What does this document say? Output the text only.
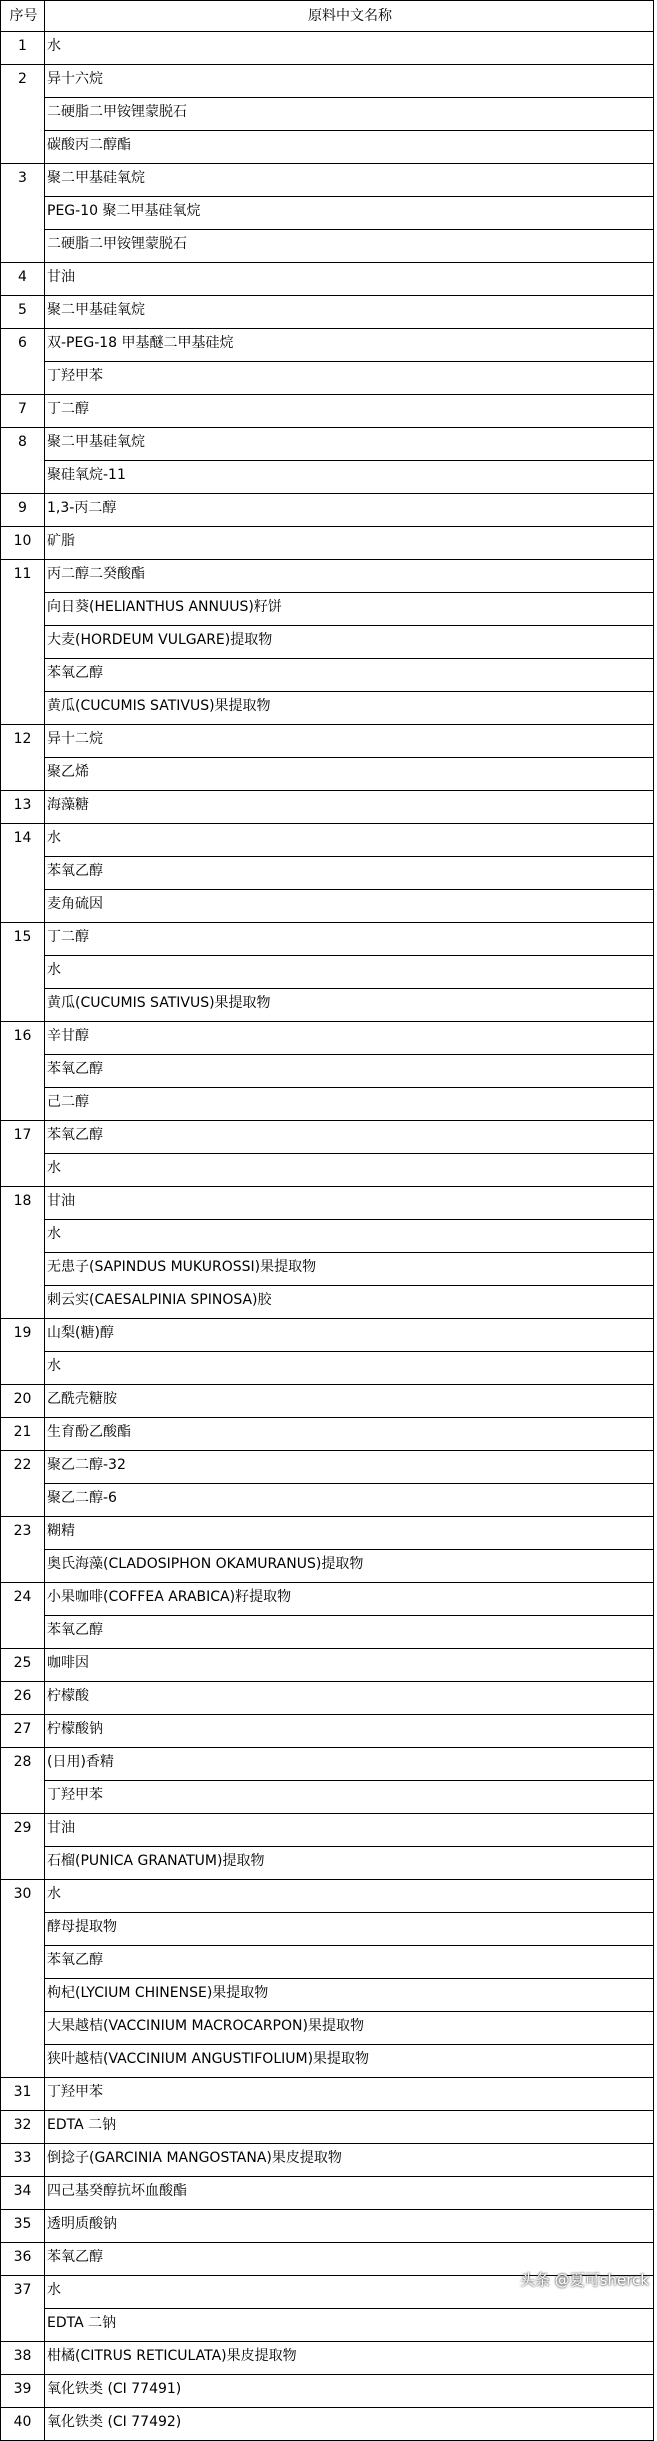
序号	原料中文名称
1	水
2	异十六烷
	二硬脂二甲铵锂蒙脱石
	碳酸丙二醇酯
3	聚二甲基硅氧烷
	PEG-10 聚二甲基硅氧烷
	二硬脂二甲铵锂蒙脱石
4	甘油
5	聚二甲基硅氧烷
6	双-PEG-18 甲基醚二甲基硅烷
	丁羟甲苯
7	丁二醇
8	聚二甲基硅氧烷
	聚硅氧烷-11
9	1,3-丙二醇
10	矿脂
11	丙二醇二癸酸酯
	向日葵(HELIANTHUS ANNUUS)籽饼
	大麦(HORDEUM VULGARE)提取物
	苯氧乙醇
	黄瓜(CUCUMIS SATIVUS)果提取物
12	异十二烷
	聚乙烯
13	海藻糖
14	水
	苯氧乙醇
	麦角硫因
15	丁二醇
	水
	黄瓜(CUCUMIS SATIVUS)果提取物
16	辛甘醇
	苯氧乙醇
	己二醇
17	苯氧乙醇
	水
18	甘油
	水
	无患子(SAPINDUS MUKUROSSI)果提取物
	刺云实(CAESALPINIA SPINOSA)胶
19	山梨(糖)醇
	水
20	乙酰壳糖胺
21	生育酚乙酸酯
22	聚乙二醇-32
	聚乙二醇-6
23	糊精
	奥氏海藻(CLADOSIPHON OKAMURANUS)提取物
24	小果咖啡(COFFEA ARABICA)籽提取物
	苯氧乙醇
25	咖啡因
26	柠檬酸
27	柠檬酸钠
28	(日用)香精
	丁羟甲苯
29	甘油
	石榴(PUNICA GRANATUM)提取物
30	水
	酵母提取物
	苯氧乙醇
	枸杞(LYCIUM CHINENSE)果提取物
	大果越桔(VACCINIUM MACROCARPON)果提取物
	狭叶越桔(VACCINIUM ANGUSTIFOLIUM)果提取物
31	丁羟甲苯
32	EDTA 二钠
33	倒捻子(GARCINIA MANGOSTANA)果皮提取物
34	四己基癸醇抗坏血酸酯
35	透明质酸钠
36	苯氧乙醇
37	水
	EDTA 二钠
38	柑橘(CITRUS RETICULATA)果皮提取物
39	氧化铁类 (CI 77491)
40	氧化铁类 (CI 77492)
头条 @夏可sherck
